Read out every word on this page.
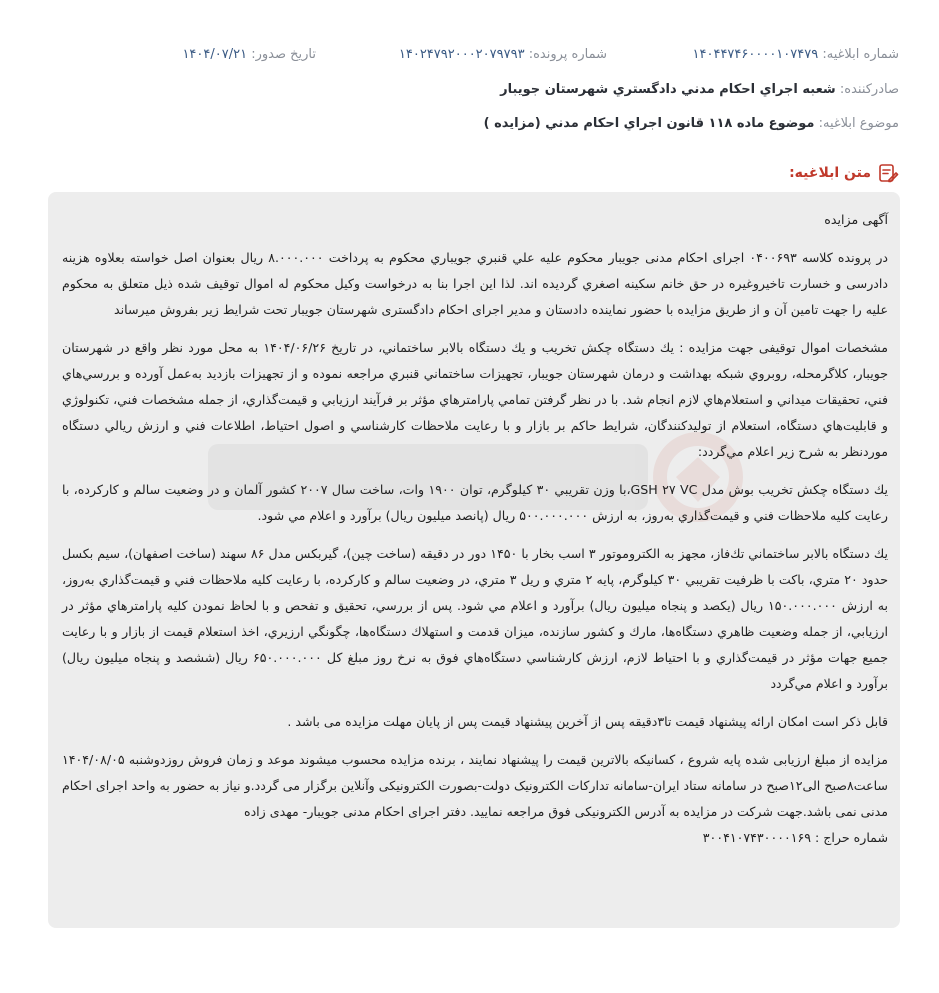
شماره ابلاغیه: ۱۴۰۴۴۷۴۶۰۰۰۰۱۰۷۴۷۹
شماره پرونده: ۱۴۰۲۴۷۹۲۰۰۰۲۰۷۹۷۹۳
تاریخ صدور: ۱۴۰۴/۰۷/۲۱
صادرکننده: شعبه اجراي احکام مدني دادگستري شهرستان جويبار
موضوع ابلاغیه: موضوع ماده ۱۱۸ قانون اجراي احکام مدني (مزايده )
متن ابلاغیه:

آگهی مزایده

در پرونده کلاسه ۰۴۰۰۶۹۳ اجرای احکام مدنی جویبار محکوم علیه علي قنبري جويباري محکوم به پرداخت ۸.۰۰۰.۰۰۰ ریال بعنوان اصل خواسته بعلاوه هزینه دادرسی و خسارت تاخیروغیره در حق خانم سکینه اصغري گردیده اند. لذا این اجرا بنا به درخواست وکیل محکوم له اموال توقیف شده ذیل متعلق به محکوم علیه را جهت تامین آن و از طریق مزایده با حضور نماینده دادستان و مدیر اجرای احکام دادگستری شهرستان جویبار تحت شرایط زیر بفروش میرساند

مشخصات اموال توقیفی جهت مزایده : يك دستگاه چكش تخريب و يك دستگاه بالابر ساختماني، در تاريخ ۱۴۰۴/۰۶/۲۶ به محل مورد نظر واقع در شهرستان جويبار، كلاگرمحله، روبروي شبكه بهداشت و درمان شهرستان جويبار، تجهيزات ساختماني قنبري مراجعه نموده و از تجهيزات بازديد به‌عمل آورده و بررسي‌هاي فني، تحقيقات ميداني و استعلام‌هاي لازم انجام شد. با در نظر گرفتن تمامي پارامترهاي مؤثر بر فرآيند ارزيابي و قيمت‌گذاري، از جمله مشخصات فني، تكنولوژي و قابليت‌هاي دستگاه، استعلام از توليدكنندگان، شرايط حاكم بر بازار و با رعايت ملاحظات كارشناسي و اصول احتياط، اطلاعات فني و ارزش ريالي دستگاه موردنظر به شرح زير اعلام مي‌گردد:

يك دستگاه چكش تخريب بوش مدل GSH ۲۷ VC،با وزن تقريبي ۳۰ كيلوگرم، توان ۱۹۰۰ وات، ساخت سال ۲۰۰۷ كشور آلمان و در وضعيت سالم و كاركرده، با رعايت كليه ملاحظات فني و قيمت‌گذاري به‌روز، به ارزش ۵۰۰.۰۰۰.۰۰۰ ريال (پانصد ميليون ريال) برآورد و اعلام مي شود.

يك دستگاه بالابر ساختماني تك‌فاز، مجهز به الكتروموتور ۳ اسب بخار با ۱۴۵۰ دور در دقيقه (ساخت چين)، گيربكس مدل ۸۶ سهند (ساخت اصفهان)، سيم بكسل حدود ۲۰ متري، باكت با ظرفيت تقريبي ۳۰ كيلوگرم، پايه ۲ متري و ريل ۳ متري، در وضعيت سالم و كاركرده، با رعايت كليه ملاحظات فني و قيمت‌گذاري به‌روز، به ارزش ۱۵۰.۰۰۰.۰۰۰ ريال (يكصد و پنجاه ميليون ريال) برآورد و اعلام مي شود. پس از بررسي، تحقيق و تفحص و با لحاظ نمودن كليه پارامترهاي مؤثر در ارزيابي، از جمله وضعيت ظاهري دستگاه‌ها، مارك و كشور سازنده، ميزان قدمت و استهلاك دستگاه‌ها، چگونگي ارزيري، اخذ استعلام قيمت از بازار و با رعايت جميع جهات مؤثر در قيمت‌گذاري و با احتياط لازم، ارزش كارشناسي دستگاه‌هاي فوق به نرخ روز مبلغ كل ۶۵۰.۰۰۰.۰۰۰ ريال (ششصد و پنجاه ميليون ريال) برآورد و اعلام مي‌گردد

قابل ذکر است امکان ارائه پیشنهاد قیمت تا۳دقیقه پس از آخرین پیشنهاد قیمت پس از پایان مهلت مزایده می باشد .

مزایده از مبلغ ارزیابی شده پایه شروع ، کسانیکه بالاترین قیمت را پیشنهاد نمایند ، برنده مزایده محسوب میشوند موعد و زمان فروش روزدوشنبه ۱۴۰۴/۰۸/۰۵ ساعت۸صبح الی۱۲صبح در سامانه ستاد ایران-سامانه تدارکات الکترونیک دولت-بصورت الکترونیکی وآنلاین برگزار می گردد.و نیاز به حضور به واحد اجرای احکام مدنی نمی باشد.جهت شرکت در مزایده به آدرس الکترونیکی فوق مراجعه نمایید. دفتر اجرای احکام مدنی جويبار- مهدی زاده

شماره حراج : ۳۰۰۴۱۰۷۴۳۰۰۰۰۱۶۹
